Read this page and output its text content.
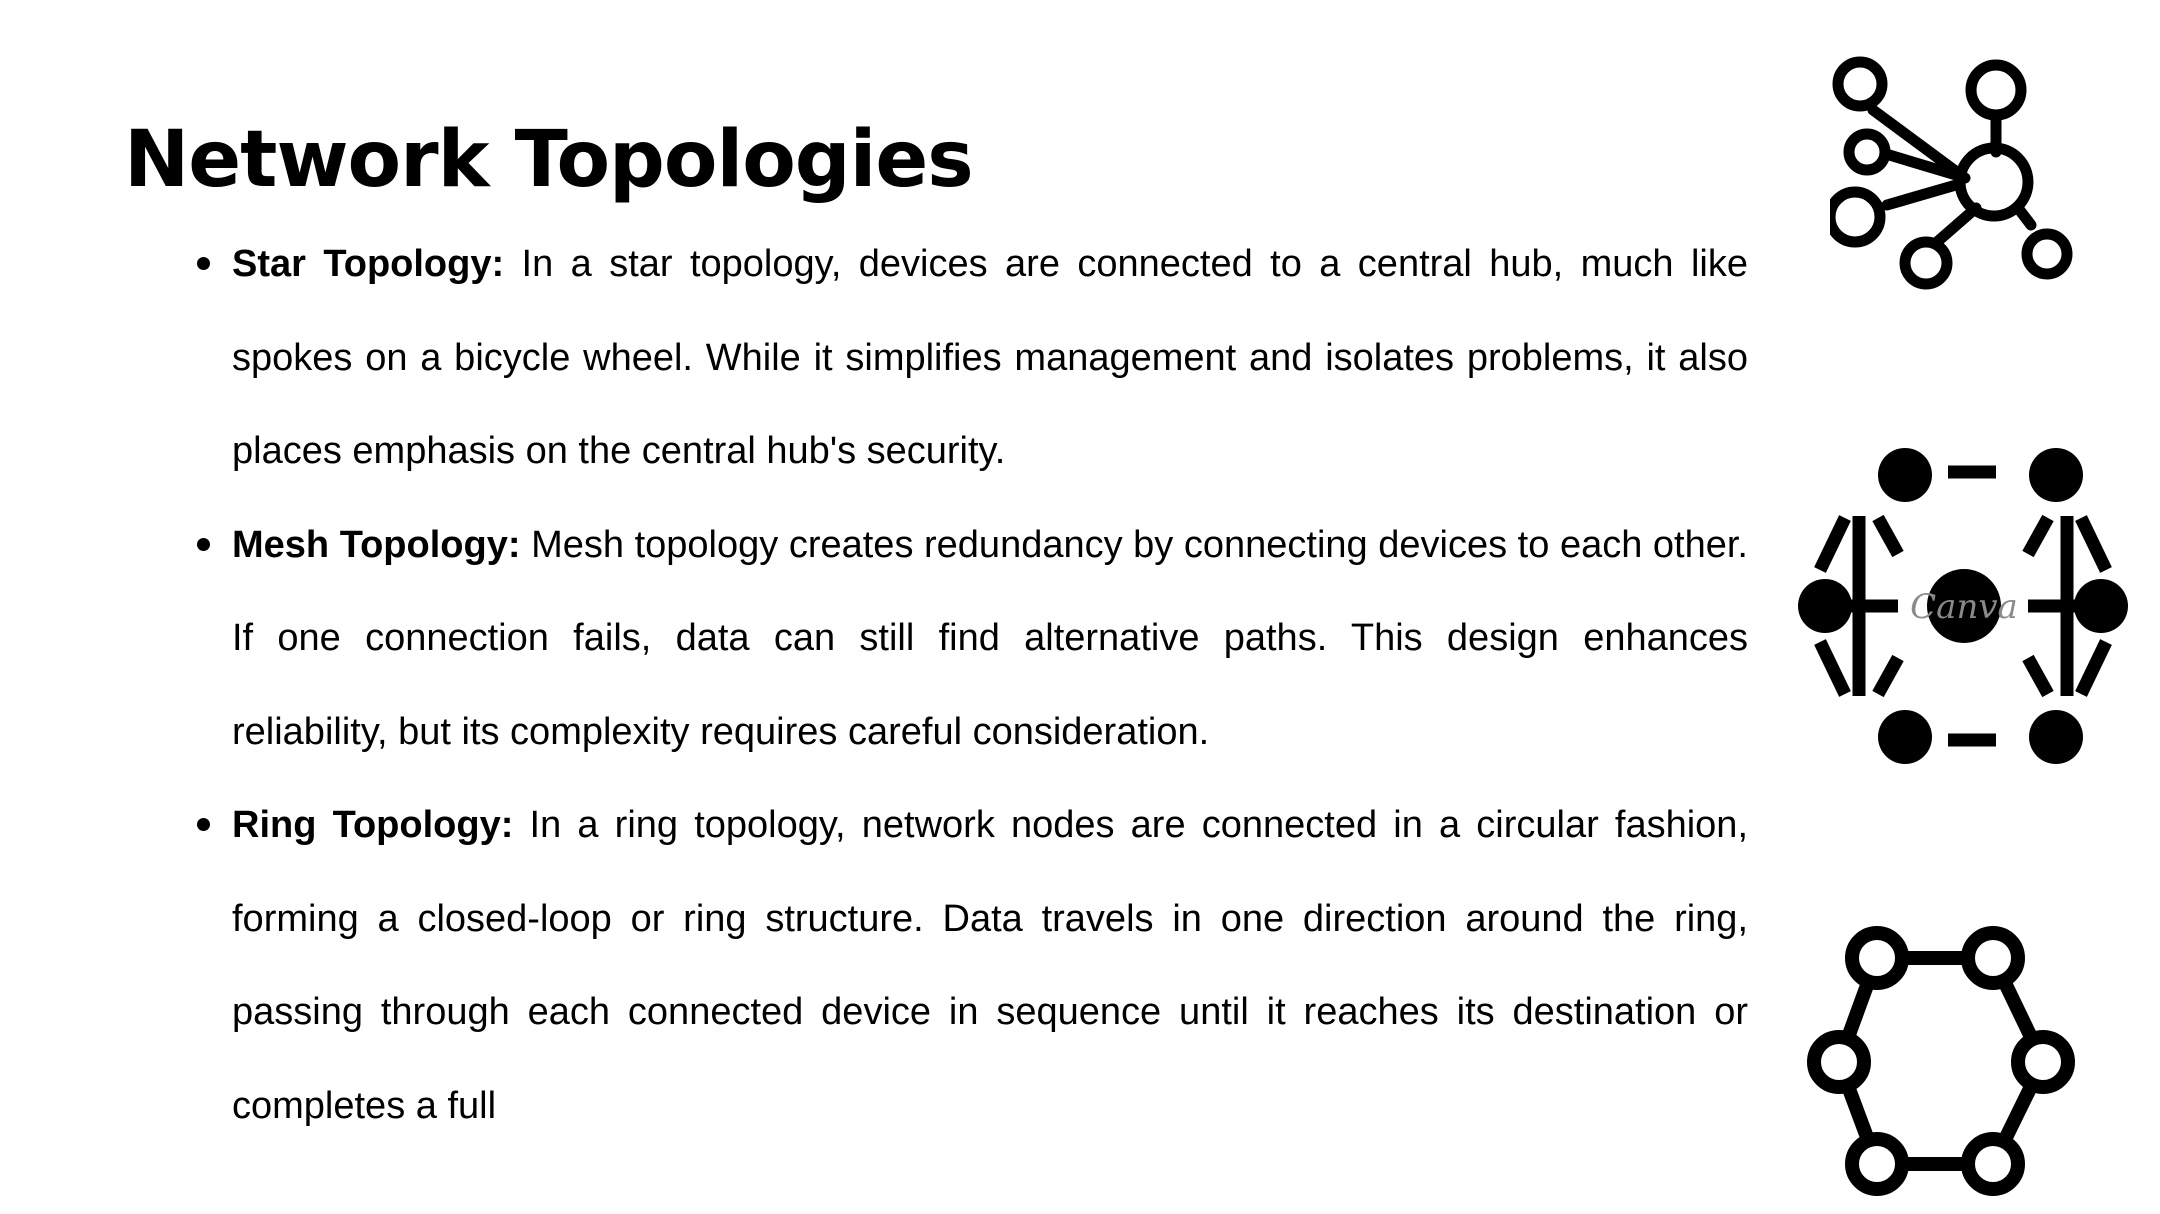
Network Topologies
Star Topology: In a star topology, devices are connected to a central hub, much like spokes on a bicycle wheel. While it simplifies management and isolates problems, it also places emphasis on the central hub's security.
Mesh Topology: Mesh topology creates redundancy by connecting devices to each other. If one connection fails, data can still find alternative paths. This design enhances reliability, but its complexity requires careful consideration.
Ring Topology: In a ring topology, network nodes are connected in a circular fashion, forming a closed-loop or ring structure. Data travels in one direction around the ring, passing through each connected device in sequence until it reaches its destination or completes a full
Canva
